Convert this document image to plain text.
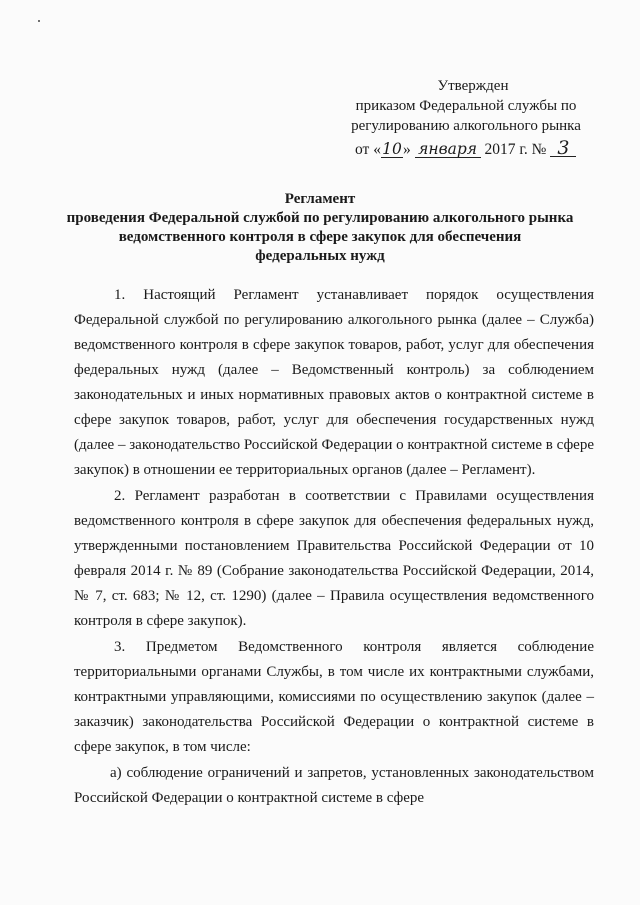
Утвержден
приказом Федеральной службы по
регулированию алкогольного рынка
от «10» января 2017 г. № 3
Регламент
проведения Федеральной службой по регулированию алкогольного рынка
ведомственного контроля в сфере закупок для обеспечения
федеральных нужд

1. Настоящий Регламент устанавливает порядок осуществления Федеральной службой по регулированию алкогольного рынка (далее – Служба) ведомственного контроля в сфере закупок товаров, работ, услуг для обеспечения федеральных нужд (далее – Ведомственный контроль) за соблюдением законодательных и иных нормативных правовых актов о контрактной системе в сфере закупок товаров, работ, услуг для обеспечения государственных нужд (далее – законодательство Российской Федерации о контрактной системе в сфере закупок) в отношении ее территориальных органов (далее – Регламент).

2. Регламент разработан в соответствии с Правилами осуществления ведомственного контроля в сфере закупок для обеспечения федеральных нужд, утвержденными постановлением Правительства Российской Федерации от 10 февраля 2014 г. № 89 (Собрание законодательства Российской Федерации, 2014, № 7, ст. 683; № 12, ст. 1290) (далее – Правила осуществления ведомственного контроля в сфере закупок).

3. Предметом Ведомственного контроля является соблюдение территориальными органами Службы, в том числе их контрактными службами, контрактными управляющими, комиссиями по осуществлению закупок (далее – заказчик) законодательства Российской Федерации о контрактной системе в сфере закупок, в том числе:

а) соблюдение ограничений и запретов, установленных законодательством Российской Федерации о контрактной системе в сфере
